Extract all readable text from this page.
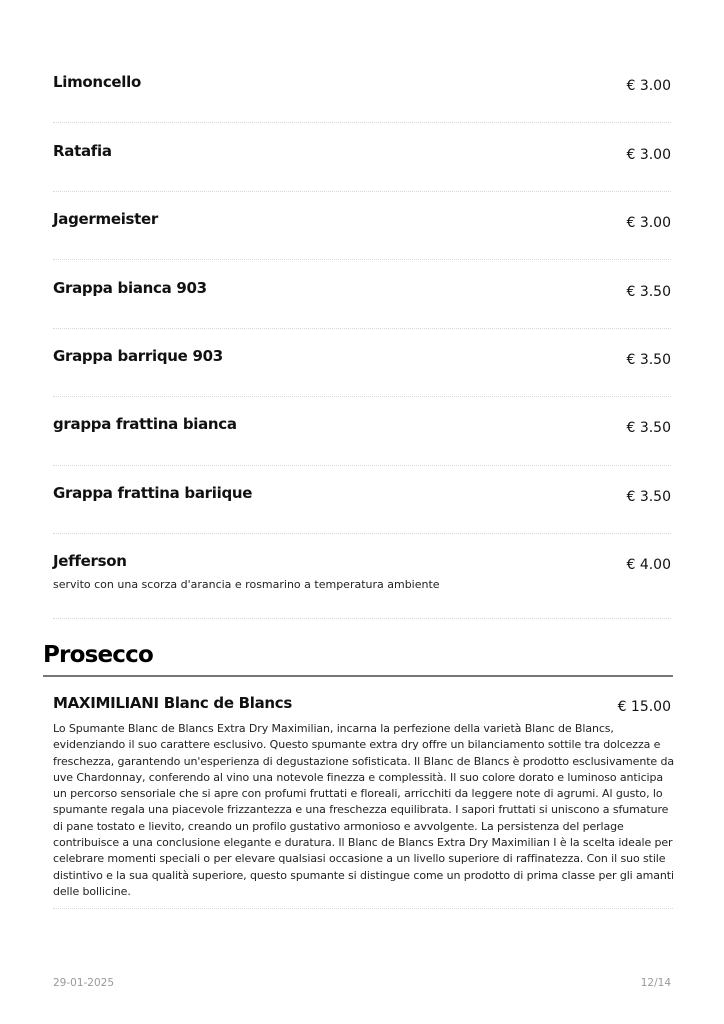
Limoncello	€ 3.00
Ratafia	€ 3.00
Jagermeister	€ 3.00
Grappa bianca 903	€ 3.50
Grappa barrique 903	€ 3.50
grappa frattina bianca	€ 3.50
Grappa frattina bariique	€ 3.50
Jefferson	€ 4.00
servito con una scorza d'arancia e rosmarino a temperatura ambiente
Prosecco
MAXIMILIANI Blanc de Blancs	€ 15.00

Lo Spumante Blanc de Blancs Extra Dry Maximilian, incarna la perfezione della varietà Blanc de Blancs, evidenziando il suo carattere esclusivo. Questo spumante extra dry offre un bilanciamento sottile tra dolcezza e freschezza, garantendo un'esperienza di degustazione sofisticata. Il Blanc de Blancs è prodotto esclusivamente da uve Chardonnay, conferendo al vino una notevole finezza e complessità. Il suo colore dorato e luminoso anticipa un percorso sensoriale che si apre con profumi fruttati e floreali, arricchiti da leggere note di agrumi. Al gusto, lo spumante regala una piacevole frizzantezza e una freschezza equilibrata. I sapori fruttati si uniscono a sfumature di pane tostato e lievito, creando un profilo gustativo armonioso e avvolgente. La persistenza del perlage contribuisce a una conclusione elegante e duratura. Il Blanc de Blancs Extra Dry Maximilian I è la scelta ideale per celebrare momenti speciali o per elevare qualsiasi occasione a un livello superiore di raffinatezza. Con il suo stile distintivo e la sua qualità superiore, questo spumante si distingue come un prodotto di prima classe per gli amanti delle bollicine.

29-01-2025	12/14
